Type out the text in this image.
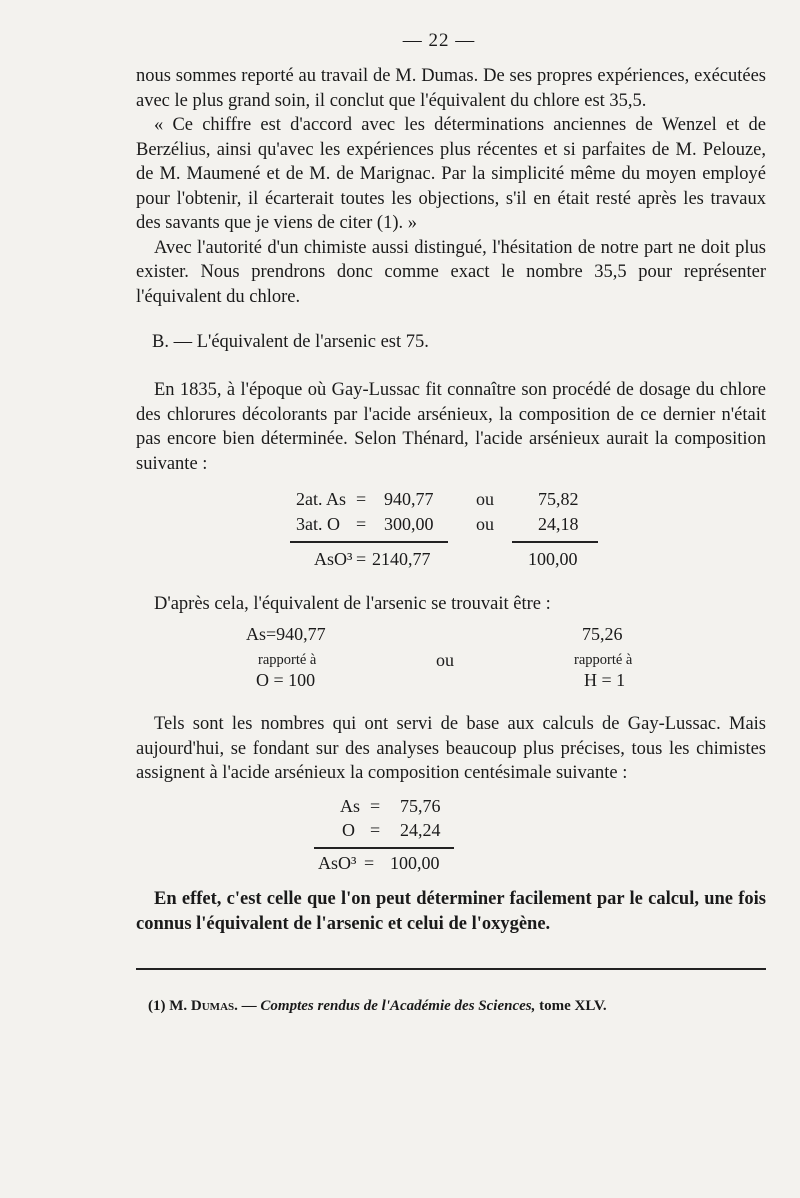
— 22 —

nous sommes reporté au travail de M. Dumas. De ses propres expériences, exécutées avec le plus grand soin, il conclut que l'équivalent du chlore est 35,5.

« Ce chiffre est d'accord avec les déterminations anciennes de Wenzel et de Berzélius, ainsi qu'avec les expériences plus récentes et si parfaites de M. Pelouze, de M. Maumené et de M. de Marignac. Par la simplicité même du moyen employé pour l'obtenir, il écarterait toutes les objections, s'il en était resté après les travaux des savants que je viens de citer (1). »

Avec l'autorité d'un chimiste aussi distingué, l'hésitation de notre part ne doit plus exister. Nous prendrons donc comme exact le nombre 35,5 pour représenter l'équivalent du chlore.

B. — L'équivalent de l'arsenic est 75.

En 1835, à l'époque où Gay-Lussac fit connaître son procédé de dosage du chlore des chlorures décolorants par l'acide arsénieux, la composition de ce dernier n'était pas encore bien déterminée. Selon Thénard, l'acide arsénieux aurait la composition suivante :

2at. As = 940,77 ou 75,82
3at. O = 300,00 ou 24,18
AsO³ = 2140,77	100,00

D'après cela, l'équivalent de l'arsenic se trouvait être :

As=940,77
rapporté à
O = 100
ou
75,26
rapporté à
H = 1

Tels sont les nombres qui ont servi de base aux calculs de Gay-Lussac. Mais aujourd'hui, se fondant sur des analyses beaucoup plus précises, tous les chimistes assignent à l'acide arsénieux la composition centésimale suivante :

As = 75,76
O = 24,24
AsO³ = 100,00

En effet, c'est celle que l'on peut déterminer facilement par le calcul, une fois connus l'équivalent de l'arsenic et celui de l'oxygène.

(1) M. Dumas. — Comptes rendus de l'Académie des Sciences, tome XLV.
